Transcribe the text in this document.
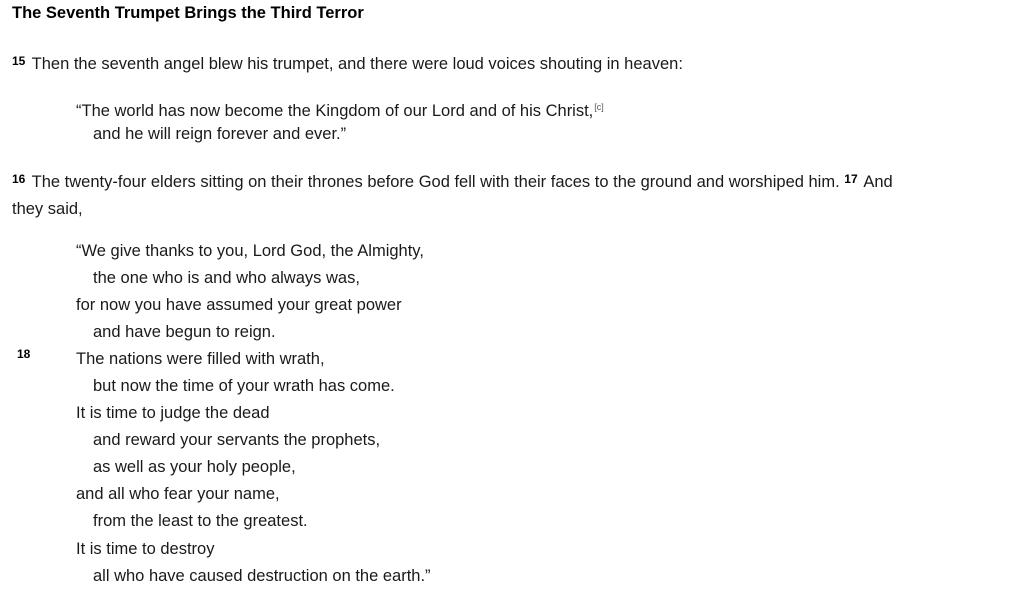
The Seventh Trumpet Brings the Third Terror

$^{15}$ Then the seventh angel blew his trumpet, and there were loud voices shouting in heaven:

“The world has now become the Kingdom of our Lord and of his Christ,[c]
and he will reign forever and ever.”

$^{16}$ The twenty-four elders sitting on their thrones before God fell with their faces to the ground and worshiped him. $^{17}$ And
they said,

18
“We give thanks to you, Lord God, the Almighty,
the one who is and who always was,
for now you have assumed your great power
and have begun to reign.
The nations were filled with wrath,
but now the time of your wrath has come.
It is time to judge the dead
and reward your servants the prophets,
as well as your holy people,
and all who fear your name,
from the least to the greatest.
It is time to destroy
all who have caused destruction on the earth.”
